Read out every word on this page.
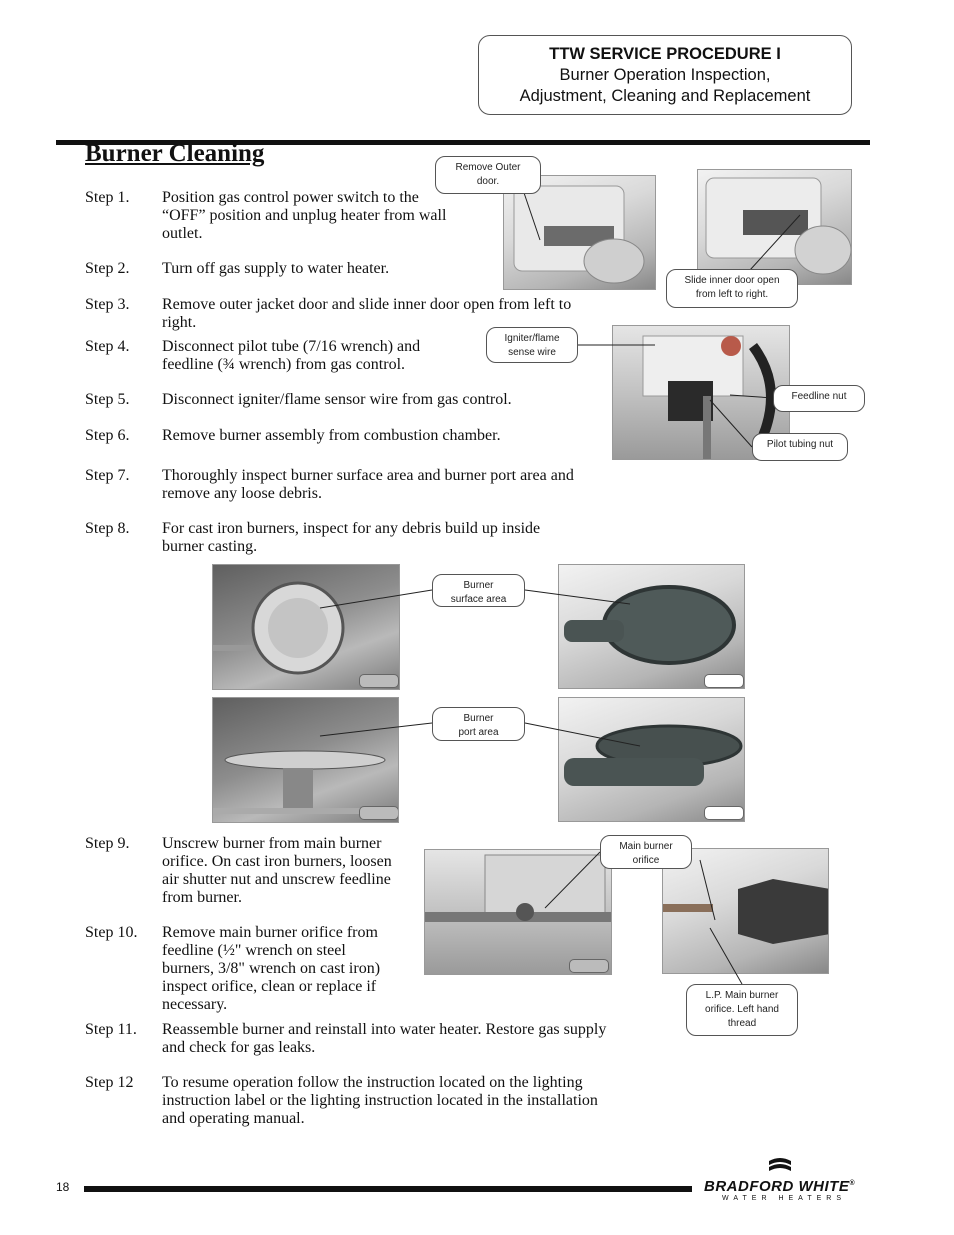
TTW SERVICE PROCEDURE I
Burner Operation Inspection,
Adjustment, Cleaning and Replacement
Burner Cleaning
Step 1. Position gas control power switch to the
“OFF” position and unplug heater from wall
outlet.
Step 2. Turn off gas supply to water heater.
Step 3. Remove outer jacket door and slide inner door open from left to
right.
Step 4. Disconnect pilot tube (7/16 wrench) and
feedline (¾ wrench) from gas control.
Step 5. Disconnect igniter/flame sensor wire from gas control.
Step 6. Remove burner assembly from combustion chamber.
Step 7. Thoroughly inspect burner surface area and burner port area and
remove any loose debris.
Step 8. For cast iron burners, inspect for any debris build up inside
burner casting.
Step 9. Unscrew burner from main burner
orifice. On cast iron burners, loosen
air shutter nut and unscrew feedline
from burner.
Step 10. Remove main burner orifice from
feedline (½" wrench on steel
burners, 3/8" wrench on cast iron)
inspect orifice, clean or replace if
necessary.
Step 11. Reassemble burner and reinstall into water heater. Restore gas supply
and check for gas leaks.
Step 12 To resume operation follow the instruction located on the lighting
instruction label or the lighting instruction located in the installation
and operating manual.
Remove Outer
door.
Slide inner door open
from left to right.
Igniter/flame
sense wire
Feedline nut
Pilot tubing nut
Burner
surface area
Burner
port area
Main burner
orifice
L.P. Main burner
orifice. Left hand
thread
18	BRADFORD WHITE®
WATER HEATERS
